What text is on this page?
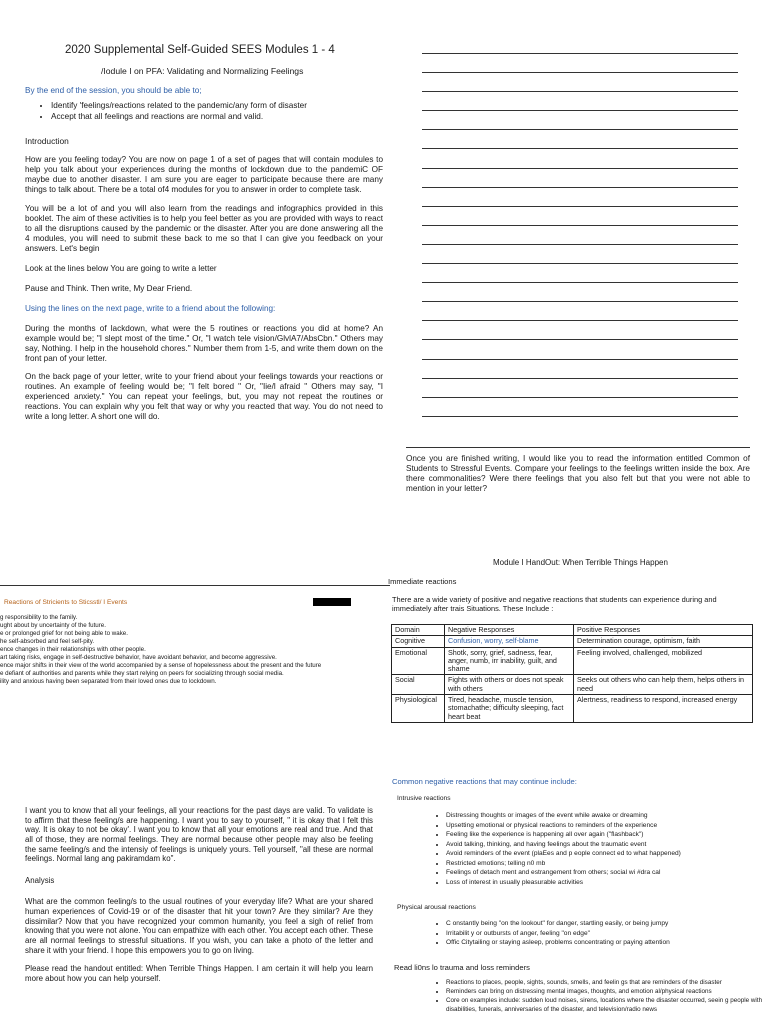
2020 Supplemental Self-Guided SEES Modules 1 - 4
/Iodule I on PFA: Validating and Normalizing Feelings

By the end of the session, you should be able to;

• Identify 'feelings/reactions related to the pandemic/any form of disaster
• Accept that all feelings and reactions are normal and valid.

Introduction

How are you feeling today? You are now on page 1 of a set of pages that will contain modules to help you talk about your experiences during the months of lockdown due to the pandemiC OF maybe due to another disaster. I am sure you are eager to participate because there are many things to talk about. There be a total of4 modules for you to answer in order to complete task.

You will be a lot of and you will also learn from the readings and infographics provided in this booklet. The aim of these activities is to help you feel better as you are provided with ways to react to all the disruptions caused by the pandemic or the disaster. After you are done answering all the 4 modules, you will need to submit these back to me so that I can give you feedback on your answers. Let's begin

Look at the lines below You are going to write a letter

Pause and Think. Then write, My Dear Friend.

Using the lines on the next page, write to a friend about the following:

During the months of lackdown, what were the 5 routines or reactions you did at home? An example would be; "I slept most of the time." Or, "I watch tele vision/GlvlA7/AbsCbn." Others may say, Nothing. I help in the household chores." Number them from 1-5, and write them down on the front pan of your letter.

On the back page of your letter, write to your friend about your feelings towards your reactions or routines. An example of feeling would be; "I felt bored " Or, "Iie/l afraid " Others may say, "I experienced anxiety." You can repeat your feelings, but, you may not repeat the routines or reactions. You can explain why you felt that way or why you reacted that way. You do not need to write a long letter. A short one will do.

Once you are finished writing, I would like you to read the information entitled Common of Students to Stressful Events. Compare your feelings to the feelings written inside the box. Are there commonalities? Were there feelings that you also felt but that you were not able to mention in your letter?

Reactions of Stricients to Sticsstl/ I Events

g responsibility to the family.

ught about by uncertainty of the future.

e or prolonged grief for not being able to wake.

he self-absorbed and feel self-pity.

ence changes in their relationships with other people.

art taking risks, engage in self-destructive behavior, have avoidant behavior, and become aggressive.

ence major shifts in their view of the world accompanied by a sense of hopelessness about the present and the future

e defiant of authorities and parents while they start relying on peers for socializing through social media.

ility and anxious having been separated from their loved ones due to lockdown.

Module I HandOut: When Terrible Things Happen
Immediate reactions
There are a wide variety of positive and negative reactions that students can experience during and immediately after trais Situations. These Include :
Domain	Negative Responses	Positive Responses
Cognitive	Confusion, worry, self-blame	Determination courage, optimism, faith
Emotional	Shotk, sorry, grief, sadness, fear, anger, numb, irr inability, guilt, and shame	Feeling involved, challenged, mobilized
Social	Fights with others or does not speak with others	Seeks out others who can help them, helps others in need
Physiological	Tired, headache, muscle tension, stomachathe; difficulty sleeping, fact heart beat	Alertness, readiness to respond, increased energy
Common negative reactions that may continue include:
Intrusive reactions
• Distressing thoughts or images of the event while awake or dreaming
• Upsetting emotional or physical reactions to reminders of the experience
• Feeling like the experience is happening all over again ("flashback")
• Avoid talking, thinking, and having feelings about the traumatic event
• Avoid reminders of the event (plaEes and p eople connect ed to what happened)
• Restricted emotions; telling n0 mb
• Feelings of detach ment and estrangement from others; social wi #dra cal
• Loss of interest in usually pleasurable activities
Physical arousal reactions
• C onstantly being "on the lookout" for danger, startling easily, or being jumpy
• Irritabilit y or outbursts of anger, feeling "on edge"
• Offic Citytailing or staying asleep, problems concentrating or paying attention
Read li0ns lo trauma and loss reminders
• Reactions to places, people, sights, sounds, smells, and feelin gs that are reminders of the disaster
• Reminders can bring on distressing mental images, thoughts, and emotion al/physical reactions
• Core on examples include: sudden loud noises, sirens, locations where the disaster occurred, seein g people with disabilities, funerals, anniversaries of the disaster, and television/radio news

I want you to know that all your feelings, all your reactions for the past days are valid. To validate is to affirm that these feeling/s are happening. I want you to say to yourself, " it is okay that I felt this way. It is okay to not be okay'. I want you to know that all your emotions are real and true. And that all of those, they are normal feelings. They are normal because other people may also be feeling the same feeling/s and the intensiy of feelings is uniquely yours. Tell yourself, "all these are normal feelings. Normal lang ang pakiramdam ko".

Analysis

What are the common feeling/s to the usual routines of your everyday life? What are your shared human experiences of Covid-19 or of the disaster that hit your town? Are they similar? Are they dissimilar? Now that you have recognized your common humanity, you feel a sigh of relief from knowing that you were not alone. You can empathize with each other. You accept each other. These are all normal feelings to stressful situations. If you wish, you can take a photo of the letter and share it with your friend. I hope this empowers you to go on living.

Please read the handout entitled: When Terrible Things Happen. I am certain it will help you learn more about how you can help yourself.
